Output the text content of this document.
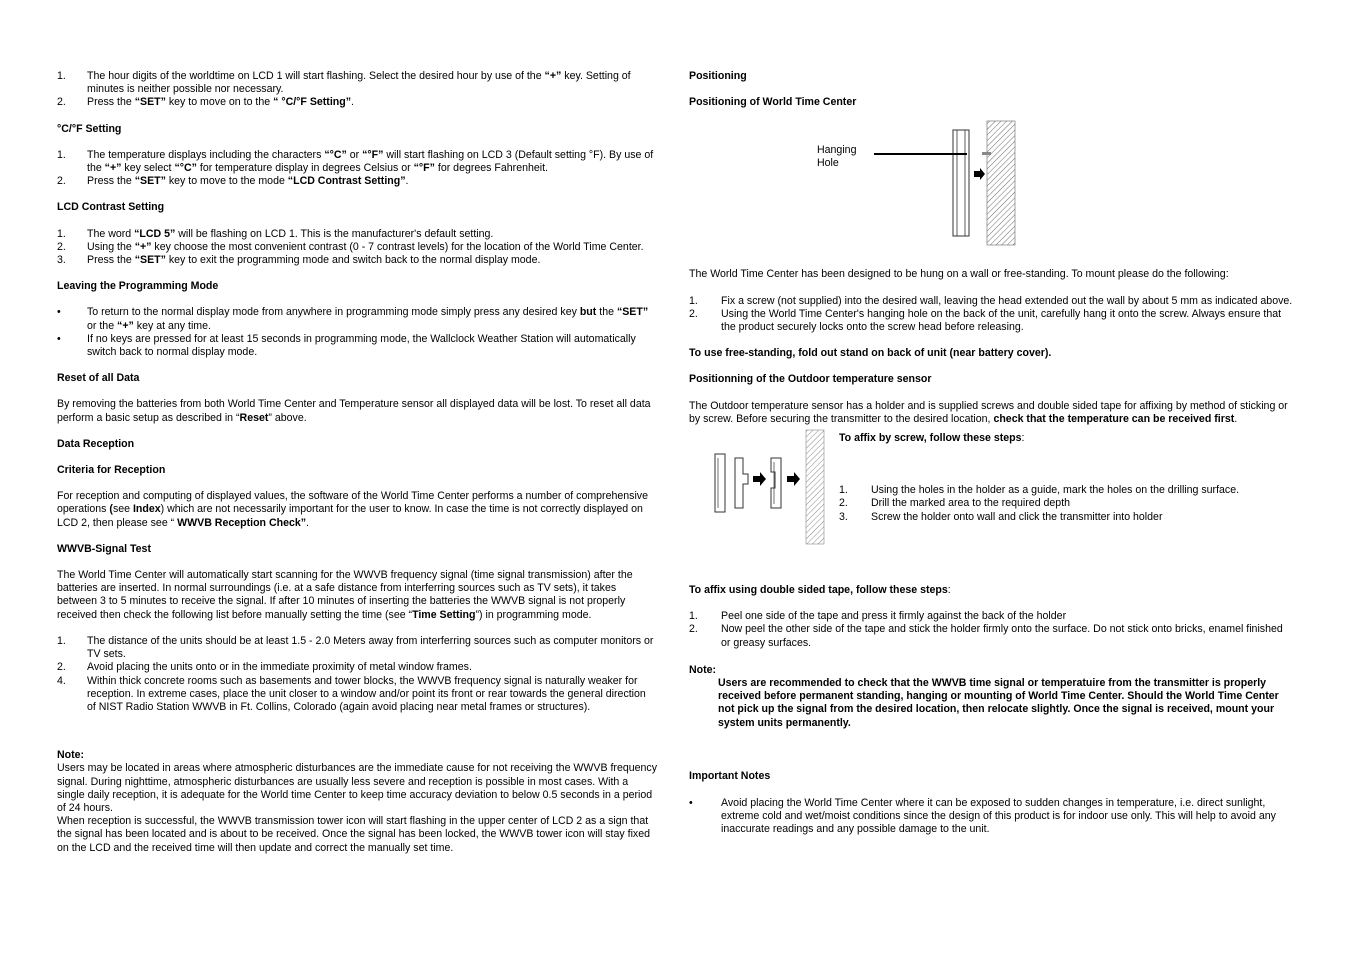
1. The hour digits of the worldtime on LCD 1 will start flashing. Select the desired hour by use of the “+” key. Setting of minutes is neither possible nor necessary.
2. Press the “SET” key to move on to the “ °C/°F Setting”.
°C/°F Setting
1. The temperature displays including the characters “°C” or “°F” will start flashing on LCD 3 (Default setting °F). By use of the “+” key select “°C” for temperature display in degrees Celsius or “°F” for degrees Fahrenheit.
2. Press the “SET” key to move to the mode “LCD Contrast Setting”.
LCD Contrast Setting
1. The word “LCD 5” will be flashing on LCD 1. This is the manufacturer's default setting.
2. Using the “+” key choose the most convenient contrast (0 - 7 contrast levels) for the location of the World Time Center.
3. Press the “SET” key to exit the programming mode and switch back to the normal display mode.
Leaving the Programming Mode
• To return to the normal display mode from anywhere in programming mode simply press any desired key but the “SET” or the “+” key at any time.
• If no keys are pressed for at least 15 seconds in programming mode, the Wallclock Weather Station will automatically switch back to normal display mode.
Reset of all Data

By removing the batteries from both World Time Center and Temperature sensor all displayed data will be lost. To reset all data perform a basic setup as described in “Reset” above.

Data Reception
Criteria for Reception

For reception and computing of displayed values, the software of the World Time Center performs a number of comprehensive operations (see Index) which are not necessarily important for the user to know. In case the time is not correctly displayed on LCD 2, then please see “ WWVB Reception Check”.

WWVB-Signal Test

The World Time Center will automatically start scanning for the WWVB frequency signal (time signal transmission) after the batteries are inserted. In normal surroundings (i.e. at a safe distance from interferring sources such as TV sets), it takes between 3 to 5 minutes to receive the signal. If after 10 minutes of inserting the batteries the WWVB signal is not properly received then check the following list before manually setting the time (see “Time Setting”) in programming mode.

1. The distance of the units should be at least 1.5 - 2.0 Meters away from interferring sources such as computer monitors or TV sets.
2. Avoid placing the units onto or in the immediate proximity of metal window frames.
4. Within thick concrete rooms such as basements and tower blocks, the WWVB frequency signal is naturally weaker for reception. In extreme cases, place the unit closer to a window and/or point its front or rear towards the general direction of NIST Radio Station WWVB in Ft. Collins, Colorado (again avoid placing near metal frames or structures).
Note:
Users may be located in areas where atmospheric disturbances are the immediate cause for not receiving the WWVB frequency signal. During nighttime, atmospheric disturbances are usually less severe and reception is possible in most cases. With a single daily reception, it is adequate for the World time Center to keep time accuracy deviation to below 0.5 seconds in a period of 24 hours.
When reception is successful, the WWVB transmission tower icon will start flashing in the upper center of LCD 2 as a sign that the signal has been located and is about to be received. Once the signal has been locked, the WWVB tower icon will stay fixed on the LCD and the received time will then update and correct the manually set time.
Positioning
Positioning of World Time Center
Hanging
Hole

The World Time Center has been designed to be hung on a wall or free-standing. To mount please do the following:

1. Fix a screw (not supplied) into the desired wall, leaving the head extended out the wall by about 5 mm as indicated above.
2. Using the World Time Center's hanging hole on the back of the unit, carefully hang it onto the screw. Always ensure that the product securely locks onto the screw head before releasing.
To use free-standing, fold out stand on back of unit (near battery cover).
Positionning of the Outdoor temperature sensor

The Outdoor temperature sensor has a holder and is supplied screws and double sided tape for affixing by method of sticking or by screw. Before securing the transmitter to the desired location, check that the temperature can be received first.

To affix by screw, follow these steps:
1. Using the holes in the holder as a guide, mark the holes on the drilling surface.
2. Drill the marked area to the required depth
3. Screw the holder onto wall and click the transmitter into holder
To affix using double sided tape, follow these steps:
1. Peel one side of the tape and press it firmly against the back of the holder
2. Now peel the other side of the tape and stick the holder firmly onto the surface. Do not stick onto bricks, enamel finished or greasy surfaces.
Note:
Users are recommended to check that the WWVB time signal or temperatuire from the transmitter is properly received before permanent standing, hanging or mounting of World Time Center. Should the World Time Center not pick up the signal from the desired location, then relocate slightly. Once the signal is received, mount your system units permanently.
Important Notes
•	Avoid placing the World Time Center where it can be exposed to sudden changes in temperature, i.e. direct sunlight, extreme cold and wet/moist conditions since the design of this product is for indoor use only. This will help to avoid any inaccurate readings and any possible damage to the unit.
